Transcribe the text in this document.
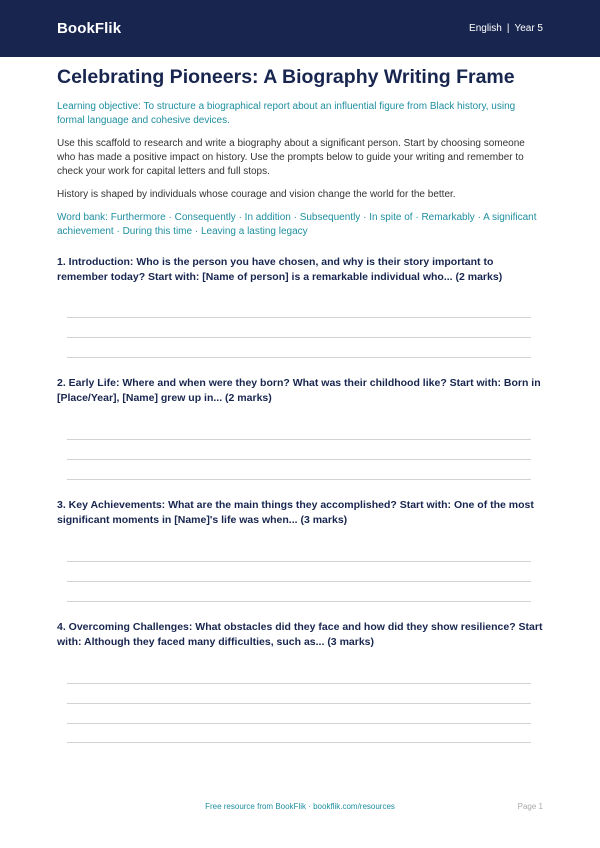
BookFlik	English | Year 5
Celebrating Pioneers: A Biography Writing Frame
Learning objective: To structure a biographical report about an influential figure from Black history, using formal language and cohesive devices.
Use this scaffold to research and write a biography about a significant person. Start by choosing someone who has made a positive impact on history. Use the prompts below to guide your writing and remember to check your work for capital letters and full stops.
History is shaped by individuals whose courage and vision change the world for the better.
Word bank: Furthermore · Consequently · In addition · Subsequently · In spite of · Remarkably · A significant achievement · During this time · Leaving a lasting legacy
1. Introduction: Who is the person you have chosen, and why is their story important to remember today? Start with: [Name of person] is a remarkable individual who... (2 marks)
2. Early Life: Where and when were they born? What was their childhood like? Start with: Born in [Place/Year], [Name] grew up in... (2 marks)
3. Key Achievements: What are the main things they accomplished? Start with: One of the most significant moments in [Name]'s life was when... (3 marks)
4. Overcoming Challenges: What obstacles did they face and how did they show resilience? Start with: Although they faced many difficulties, such as... (3 marks)
Free resource from BookFlik · bookflik.com/resources	Page 1
